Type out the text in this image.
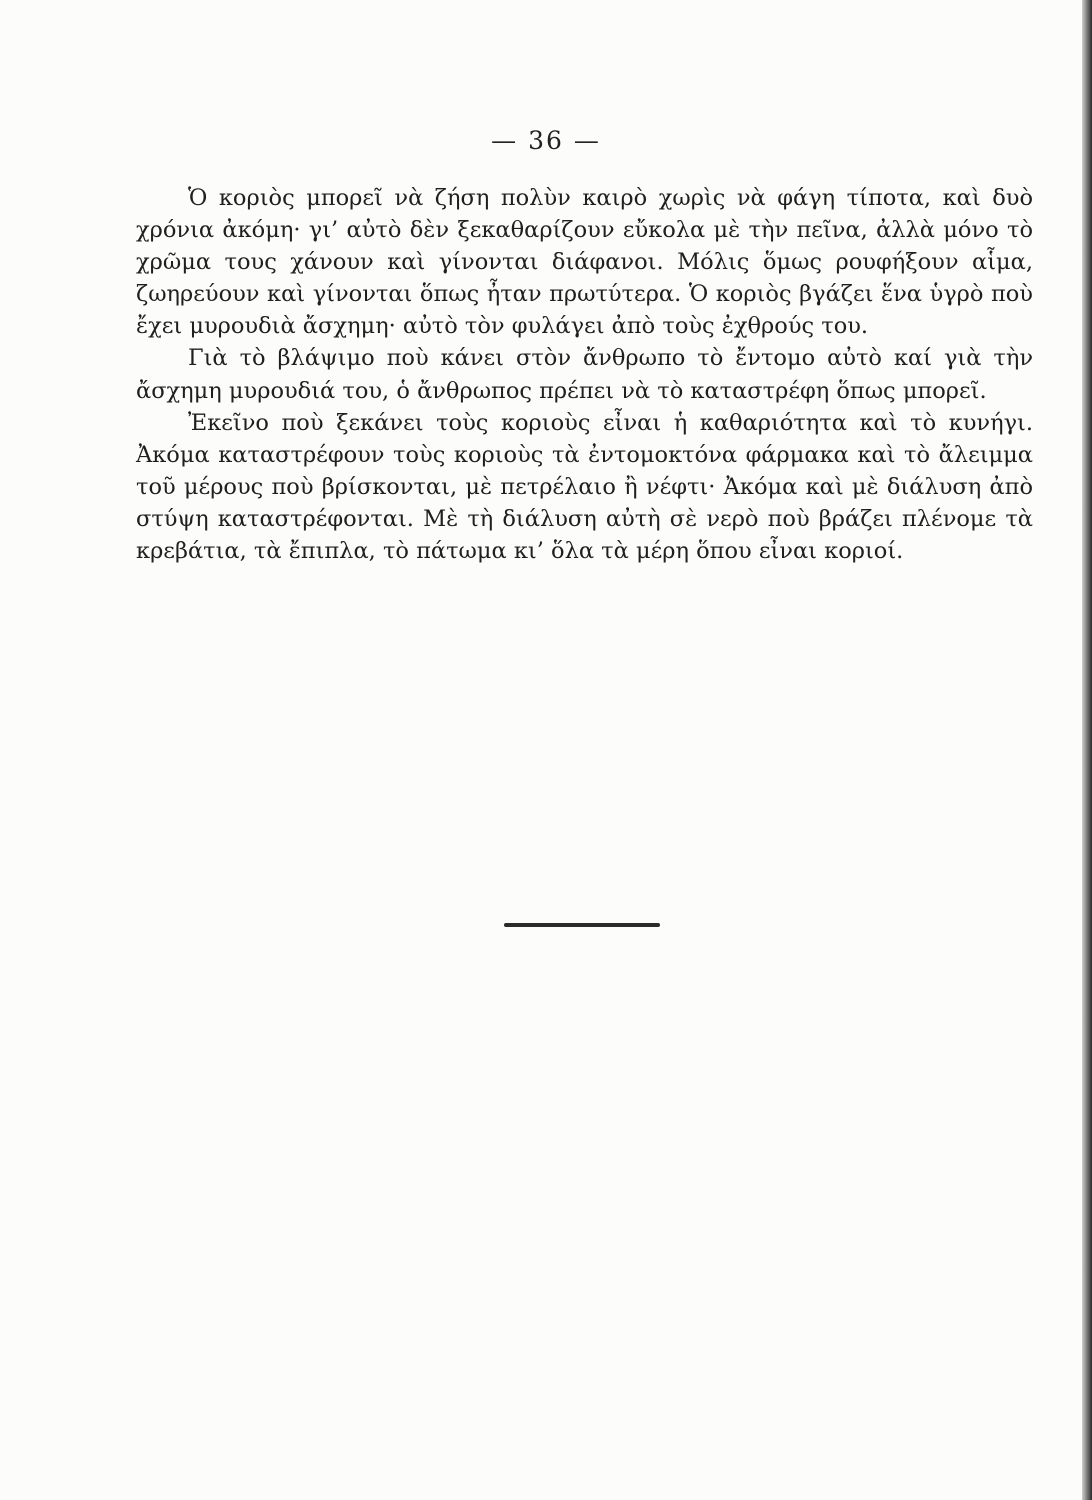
— 36 —

Ὁ κοριὸς μπορεῖ νὰ ζήση πολὺν καιρὸ χωρὶς νὰ φάγη τίποτα, καὶ δυὸ χρόνια ἀκόμη· γι’ αὐτὸ δὲν ξεκαθαρίζουν εὔκολα μὲ τὴν πεῖνα, ἀλλὰ μόνο τὸ χρῶμα τους χάνουν καὶ γίνονται διάφανοι. Μόλις ὅμως ρουφήξουν αἷμα, ζωηρεύουν καὶ γίνονται ὅπως ἦταν πρωτύτερα. Ὁ κοριὸς βγάζει ἕνα ὑγρὸ ποὺ ἔχει μυρουδιὰ ἄσχημη· αὐτὸ τὸν φυλάγει ἀπὸ τοὺς ἐχθρούς του.

Γιὰ τὸ βλάψιμο ποὺ κάνει στὸν ἄνθρωπο τὸ ἔντομο αὐτὸ καί γιὰ τὴν ἄσχημη μυρουδιά του, ὁ ἄνθρωπος πρέπει νὰ τὸ καταστρέφη ὅπως μπορεῖ.

Ἐκεῖνο ποὺ ξεκάνει τοὺς κοριοὺς εἶναι ἡ καθαριότητα καὶ τὸ κυνήγι. Ἀκόμα καταστρέφουν τοὺς κοριοὺς τὰ ἐντομοκτόνα φάρμακα καὶ τὸ ἄλειμμα τοῦ μέρους ποὺ βρίσκονται, μὲ πετρέλαιο ἢ νέφτι· Ἀκόμα καὶ μὲ διάλυση ἀπὸ στύψη καταστρέφονται. Μὲ τὴ διάλυση αὐτὴ σὲ νερὸ ποὺ βράζει πλένομε τὰ κρεβάτια, τὰ ἔπιπλα, τὸ πάτωμα κι’ ὅλα τὰ μέρη ὅπου εἶναι κοριοί.
